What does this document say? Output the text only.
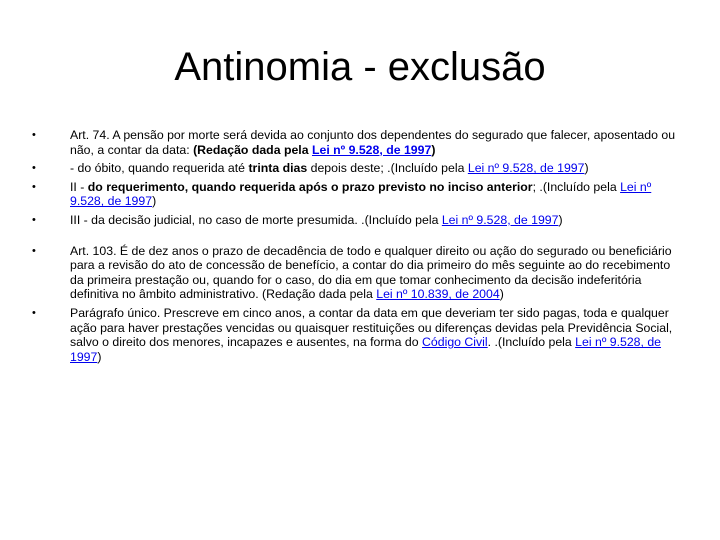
Antinomia - exclusão
•	Art. 74. A pensão por morte será devida ao conjunto dos dependentes do segurado que falecer, aposentado ou não, a contar da data: (Redação dada pela Lei nº 9.528, de 1997)
•	- do óbito, quando requerida até trinta dias depois deste; .(Incluído pela Lei nº 9.528, de 1997)
•	II - do requerimento, quando requerida após o prazo previsto no inciso anterior; .(Incluído pela Lei nº 9.528, de 1997)
•	III - da decisão judicial, no caso de morte presumida. .(Incluído pela Lei nº 9.528, de 1997)
•	Art. 103. É de dez anos o prazo de decadência de todo e qualquer direito ou ação do segurado ou beneficiário para a revisão do ato de concessão de benefício, a contar do dia primeiro do mês seguinte ao do recebimento da primeira prestação ou, quando for o caso, do dia em que tomar conhecimento da decisão indeferitória definitiva no âmbito administrativo. (Redação dada pela Lei nº 10.839, de 2004)
•	Parágrafo único. Prescreve em cinco anos, a contar da data em que deveriam ter sido pagas, toda e qualquer ação para haver prestações vencidas ou quaisquer restituições ou diferenças devidas pela Previdência Social, salvo o direito dos menores, incapazes e ausentes, na forma do Código Civil. .(Incluído pela Lei nº 9.528, de 1997)
